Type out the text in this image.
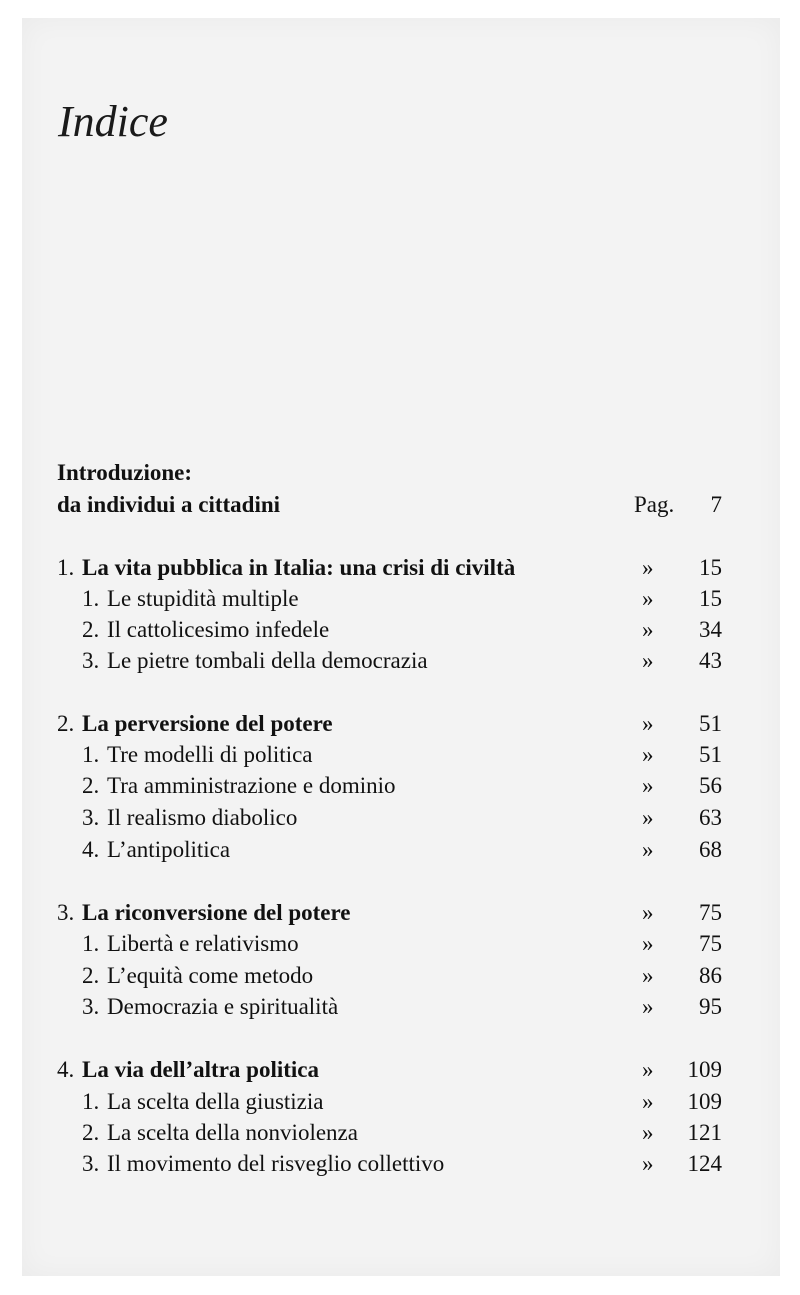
Indice
Introduzione:
da individui a cittadini	Pag. 7
1. La vita pubblica in Italia: una crisi di civiltà	» 15
1. Le stupidità multiple	» 15
2. Il cattolicesimo infedele	» 34
3. Le pietre tombali della democrazia	» 43
2. La perversione del potere	» 51
1. Tre modelli di politica	» 51
2. Tra amministrazione e dominio	» 56
3. Il realismo diabolico	» 63
4. L’antipolitica	» 68
3. La riconversione del potere	» 75
1. Libertà e relativismo	» 75
2. L’equità come metodo	» 86
3. Democrazia e spiritualità	» 95
4. La via dell’altra politica	» 109
1. La scelta della giustizia	» 109
2. La scelta della nonviolenza	» 121
3. Il movimento del risveglio collettivo	» 124
